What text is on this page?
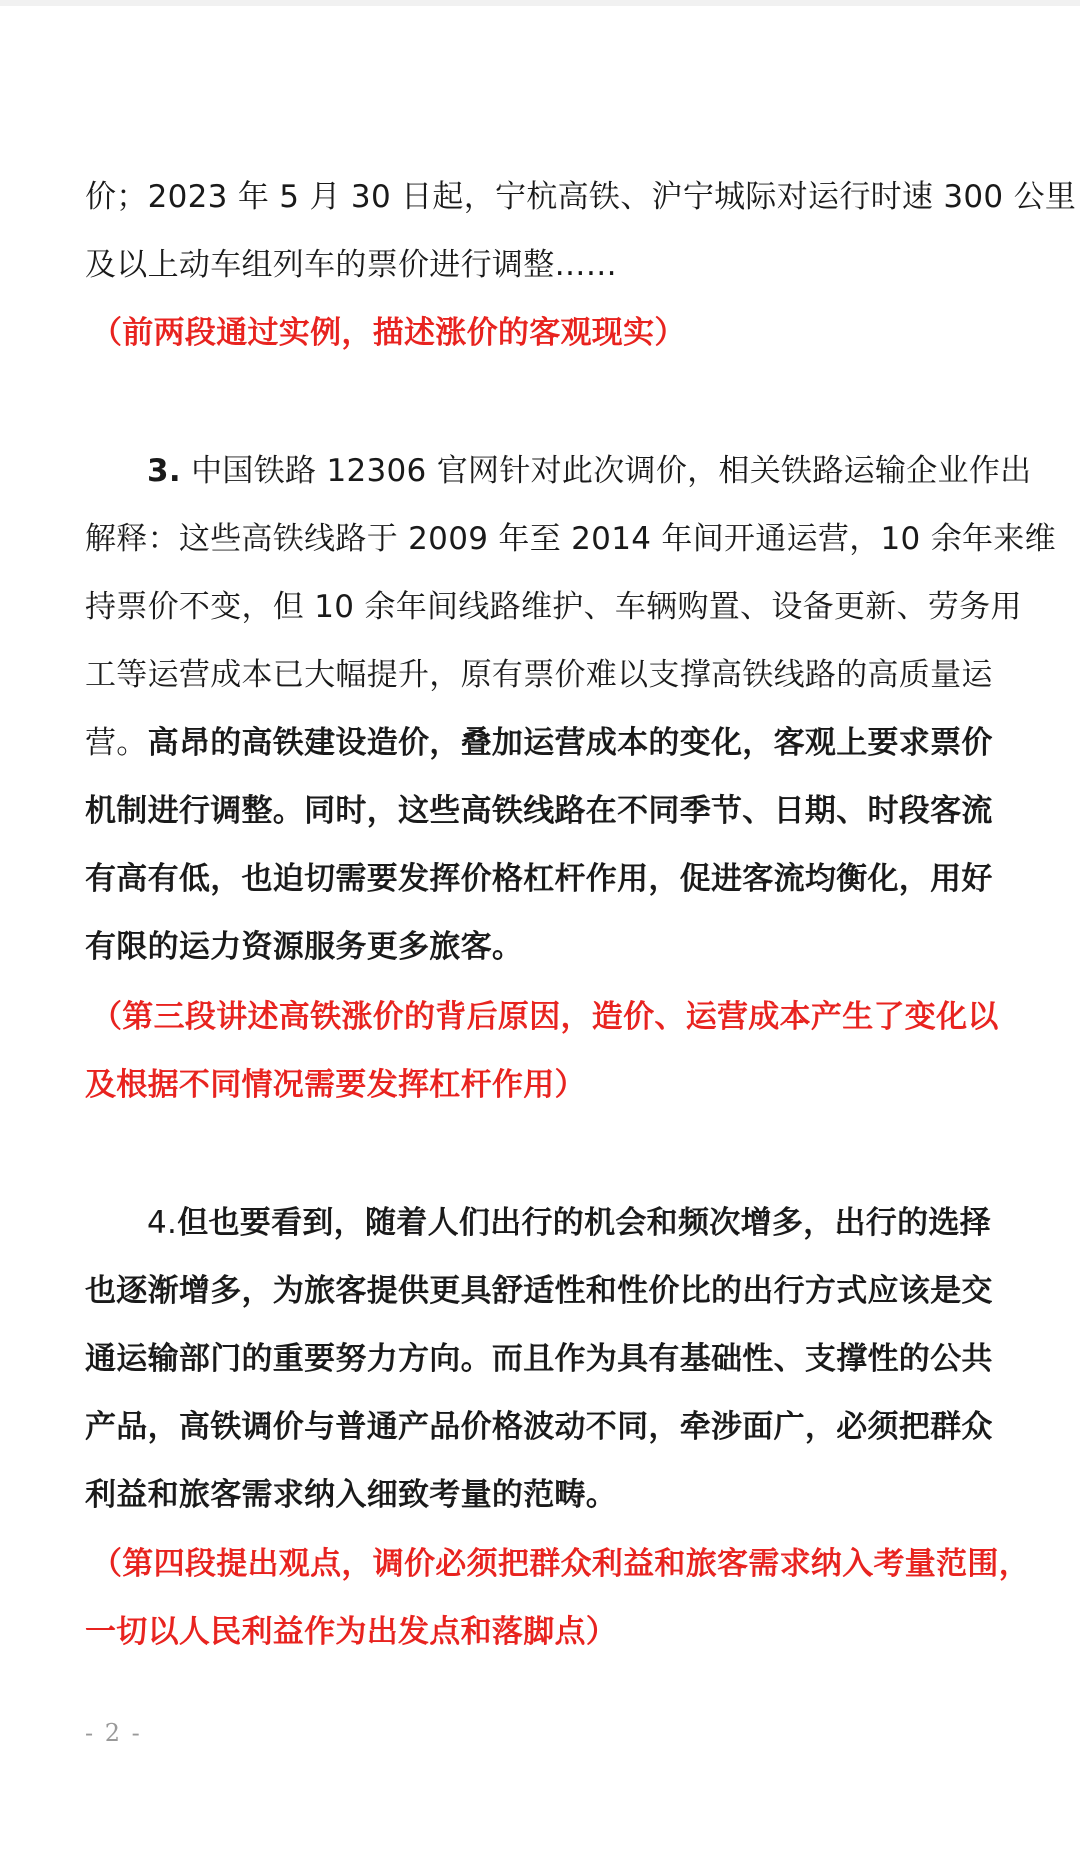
价；2023 年 5 月 30 日起，宁杭高铁、沪宁城际对运行时速 300 公里
及以上动车组列车的票价进行调整……
（前两段通过实例，描述涨价的客观现实）
3. 中国铁路 12306 官网针对此次调价，相关铁路运输企业作出
解释：这些高铁线路于 2009 年至 2014 年间开通运营，10 余年来维
持票价不变，但 10 余年间线路维护、车辆购置、设备更新、劳务用
工等运营成本已大幅提升，原有票价难以支撑高铁线路的高质量运
营。高昂的高铁建设造价，叠加运营成本的变化，客观上要求票价
机制进行调整。同时，这些高铁线路在不同季节、日期、时段客流
有高有低，也迫切需要发挥价格杠杆作用，促进客流均衡化，用好
有限的运力资源服务更多旅客。
（第三段讲述高铁涨价的背后原因，造价、运营成本产生了变化以
及根据不同情况需要发挥杠杆作用）
4.但也要看到，随着人们出行的机会和频次增多，出行的选择
也逐渐增多，为旅客提供更具舒适性和性价比的出行方式应该是交
通运输部门的重要努力方向。而且作为具有基础性、支撑性的公共
产品，高铁调价与普通产品价格波动不同，牵涉面广，必须把群众
利益和旅客需求纳入细致考量的范畴。
（第四段提出观点，调价必须把群众利益和旅客需求纳入考量范围，
一切以人民利益作为出发点和落脚点）
- 2 -
